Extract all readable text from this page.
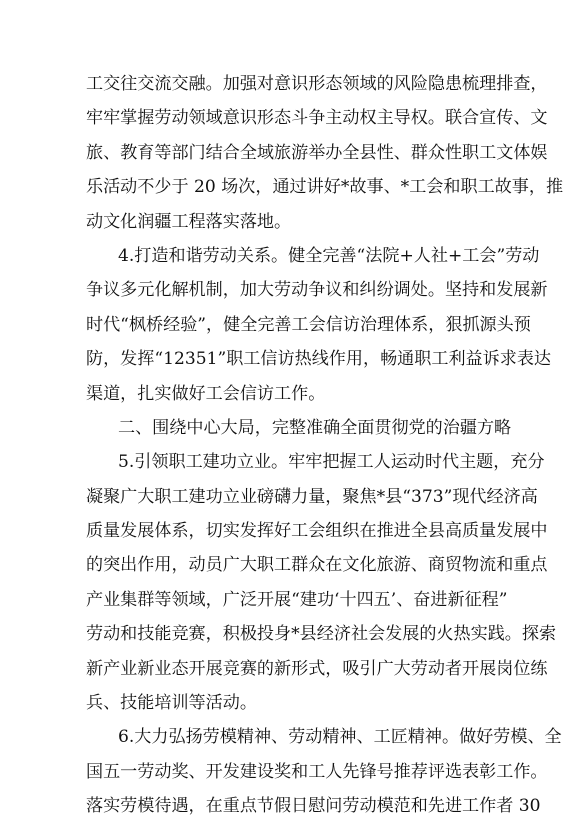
工交往交流交融。加强对意识形态领域的风险隐患梳理排查，
牢牢掌握劳动领域意识形态斗争主动权主导权。联合宣传、文
旅、教育等部门结合全域旅游举办全县性、群众性职工文体娱
乐活动不少于 20 场次，通过讲好*故事、*工会和职工故事，推
动文化润疆工程落实落地。
4.打造和谐劳动关系。健全完善“法院+人社+工会”劳动
争议多元化解机制，加大劳动争议和纠纷调处。坚持和发展新
时代“枫桥经验”，健全完善工会信访治理体系，狠抓源头预
防，发挥“12351”职工信访热线作用，畅通职工利益诉求表达
渠道，扎实做好工会信访工作。
二、围绕中心大局，完整准确全面贯彻党的治疆方略
5.引领职工建功立业。牢牢把握工人运动时代主题，充分
凝聚广大职工建功立业磅礴力量，聚焦*县“373”现代经济高
质量发展体系，切实发挥好工会组织在推进全县高质量发展中
的突出作用，动员广大职工群众在文化旅游、商贸物流和重点
产业集群等领域，广泛开展“建功‘十四五’、奋进新征程”
劳动和技能竞赛，积极投身*县经济社会发展的火热实践。探索
新产业新业态开展竞赛的新形式，吸引广大劳动者开展岗位练
兵、技能培训等活动。
6.大力弘扬劳模精神、劳动精神、工匠精神。做好劳模、全
国五一劳动奖、开发建设奖和工人先锋号推荐评选表彰工作。
落实劳模待遇，在重点节假日慰问劳动模范和先进工作者 30
